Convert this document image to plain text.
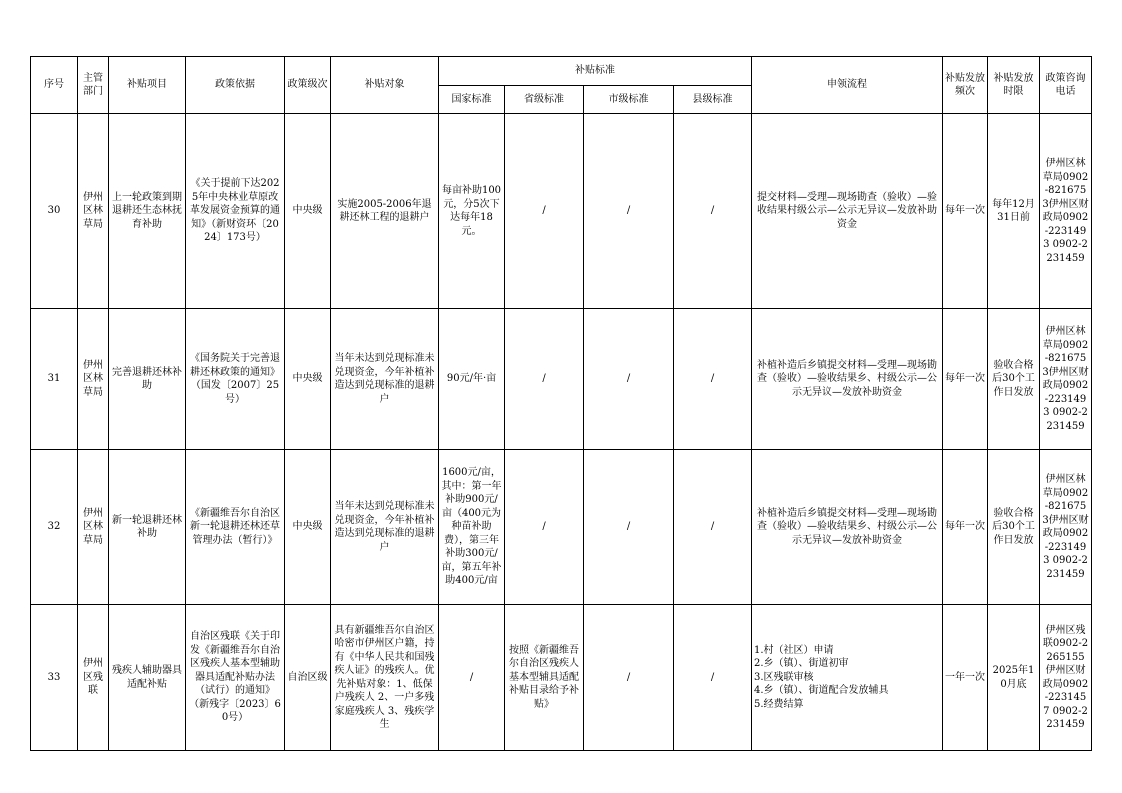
序号	主管部门	补贴项目	政策依据	政策级次	补贴对象	补贴标准				申领流程	补贴发放频次	补贴发放时限	政策咨询电话
						国家标准	省级标准	市级标准	县级标准				
30	伊州区林草局	上一轮政策到期退耕还生态林抚育补助	《关于提前下达2025年中央林业草原改革发展资金预算的通知》（新财资环〔2024〕173号）	中央级	实施2005-2006年退耕还林工程的退耕户	每亩补助100元，分5次下达每年18元。	/	/	/	提交材料—受理—现场勘查（验收）—验收结果村级公示—公示无异议—发放补助资金	每年一次	每年12月31日前	伊州区林草局0902-8216753伊州区财政局0902-2231493 0902-2231459
31	伊州区林草局	完善退耕还林补助	《国务院关于完善退耕还林政策的通知》（国发〔2007〕25号）	中央级	当年未达到兑现标准未兑现资金，今年补植补造达到兑现标准的退耕户	90元/年·亩	/	/	/	补植补造后乡镇提交材料—受理—现场勘查（验收）—验收结果乡、村级公示—公示无异议—发放补助资金	每年一次	验收合格后30个工作日发放	伊州区林草局0902-8216753伊州区财政局0902-2231493 0902-2231459
32	伊州区林草局	新一轮退耕还林补助	《新疆维吾尔自治区新一轮退耕还林还草管理办法（暂行）》	中央级	当年未达到兑现标准未兑现资金，今年补植补造达到兑现标准的退耕户	1600元/亩，其中：第一年补助900元/亩（400元为种苗补助费），第三年补助300元/亩，第五年补助400元/亩	/	/	/	补植补造后乡镇提交材料—受理—现场勘查（验收）—验收结果乡、村级公示—公示无异议—发放补助资金	每年一次	验收合格后30个工作日发放	伊州区林草局0902-8216753伊州区财政局0902-2231493 0902-2231459
33	伊州区残联	残疾人辅助器具适配补贴	自治区残联《关于印发《新疆维吾尔自治区残疾人基本型辅助器具适配补贴办法（试行）的通知》（新残字〔2023〕60号）	自治区级	具有新疆维吾尔自治区哈密市伊州区户籍，持有《中华人民共和国残疾人证》的残疾人。优先补贴对象：1、低保户残疾人 2、一户多残家庭残疾人 3、残疾学生	/	按照《新疆维吾尔自治区残疾人基本型辅具适配补贴目录给予补贴》	/	/	1.村（社区）申请
2.乡（镇）、街道初审
3.区残联审核
4.乡（镇）、街道配合发放辅具
5.经费结算	一年一次	2025年10月底	伊州区残联0902-2265155伊州区财政局0902-2231457 0902-2231459
